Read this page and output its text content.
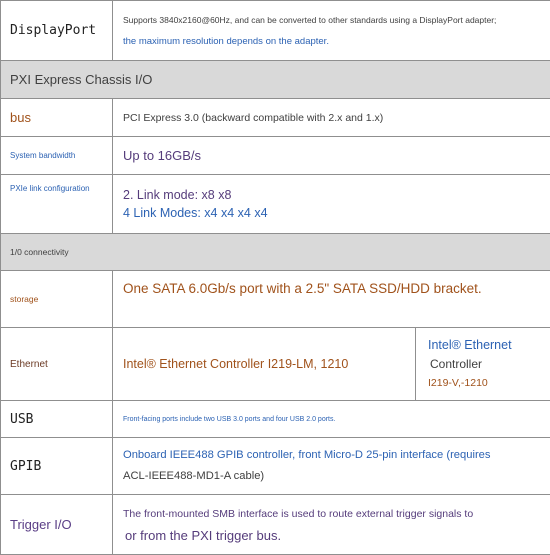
DisplayPort	Supports 3840x2160@60Hz, and can be converted to other standards using a DisplayPort adapter;
the maximum resolution depends on the adapter.	

PXI Express Chassis I/O		
bus	PCI Express 3.0 (backward compatible with 2.x and 1.x)	
System bandwidth	Up to 16GB/s	
PXIe link configuration	2. Link mode: x8 x8
4 Link Modes: x4 x4 x4 x4	

1/0 connectivity		
storage	One SATA 6.0Gb/s port with a 2.5" SATA SSD/HDD bracket.	
Ethernet	Intel® Ethernet Controller I219-LM, 1210	Intel® Ethernet
Controller
I219-V,-1210

USB	Front-facing ports include two USB 3.0 ports and four USB 2.0 ports.	
GPIB	Onboard IEEE488 GPIB controller, front Micro-D 25-pin interface (requires
ACL-IEEE488-MD1-A cable)	

Trigger I/O	The front-mounted SMB interface is used to route external trigger signals to
or from the PXI trigger bus.	
